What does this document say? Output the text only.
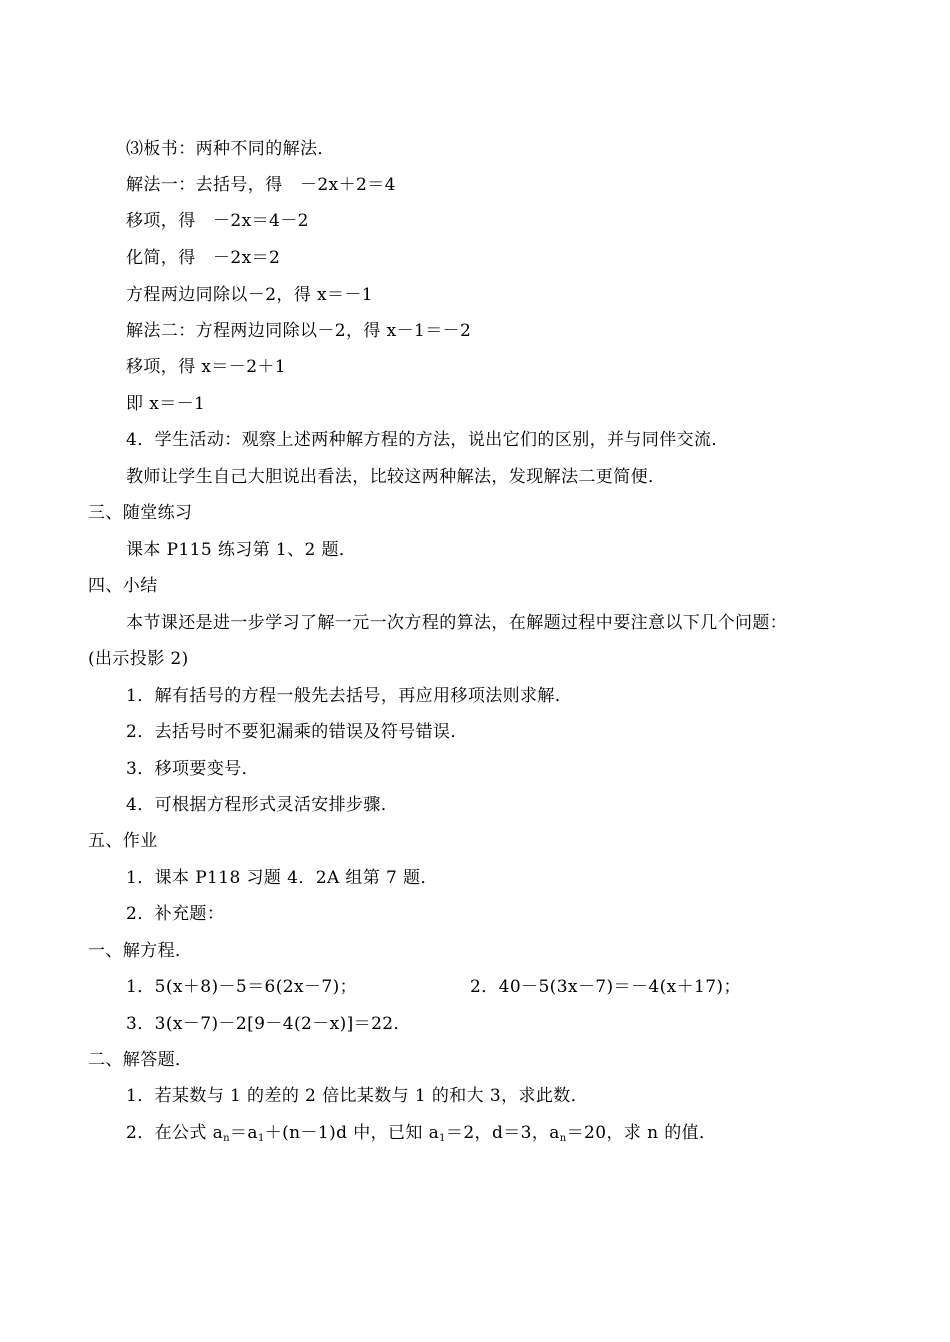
⑶板书：两种不同的解法．
解法一：去括号，得　－2x＋2＝4
移项，得　－2x＝4－2
化简，得　－2x＝2
方程两边同除以－2，得 x＝－1
解法二：方程两边同除以－2，得 x－1＝－2
移项，得 x＝－2＋1
即 x＝－1
4．学生活动：观察上述两种解方程的方法，说出它们的区别，并与同伴交流．
教师让学生自己大胆说出看法，比较这两种解法，发现解法二更简便．
三、随堂练习
课本 P115 练习第 1、2 题．
四、小结
本节课还是进一步学习了解一元一次方程的算法，在解题过程中要注意以下几个问题：
(出示投影 2)
1．解有括号的方程一般先去括号，再应用移项法则求解．
2．去括号时不要犯漏乘的错误及符号错误．
3．移项要变号．
4．可根据方程形式灵活安排步骤．
五、作业
1．课本 P118 习题 4．2A 组第 7 题．
2．补充题：
一、解方程．
1．5(x＋8)－5＝6(2x－7)；	2．40－5(3x－7)＝－4(x＋17)；
3．3(x－7)－2[9－4(2－x)]＝22．
二、解答题．
1．若某数与 1 的差的 2 倍比某数与 1 的和大 3，求此数．
2．在公式 $a_n=a_1+(n-1)d$ 中，已知 $a_1=2$，d＝3，$a_n=20$，求 n 的值．
